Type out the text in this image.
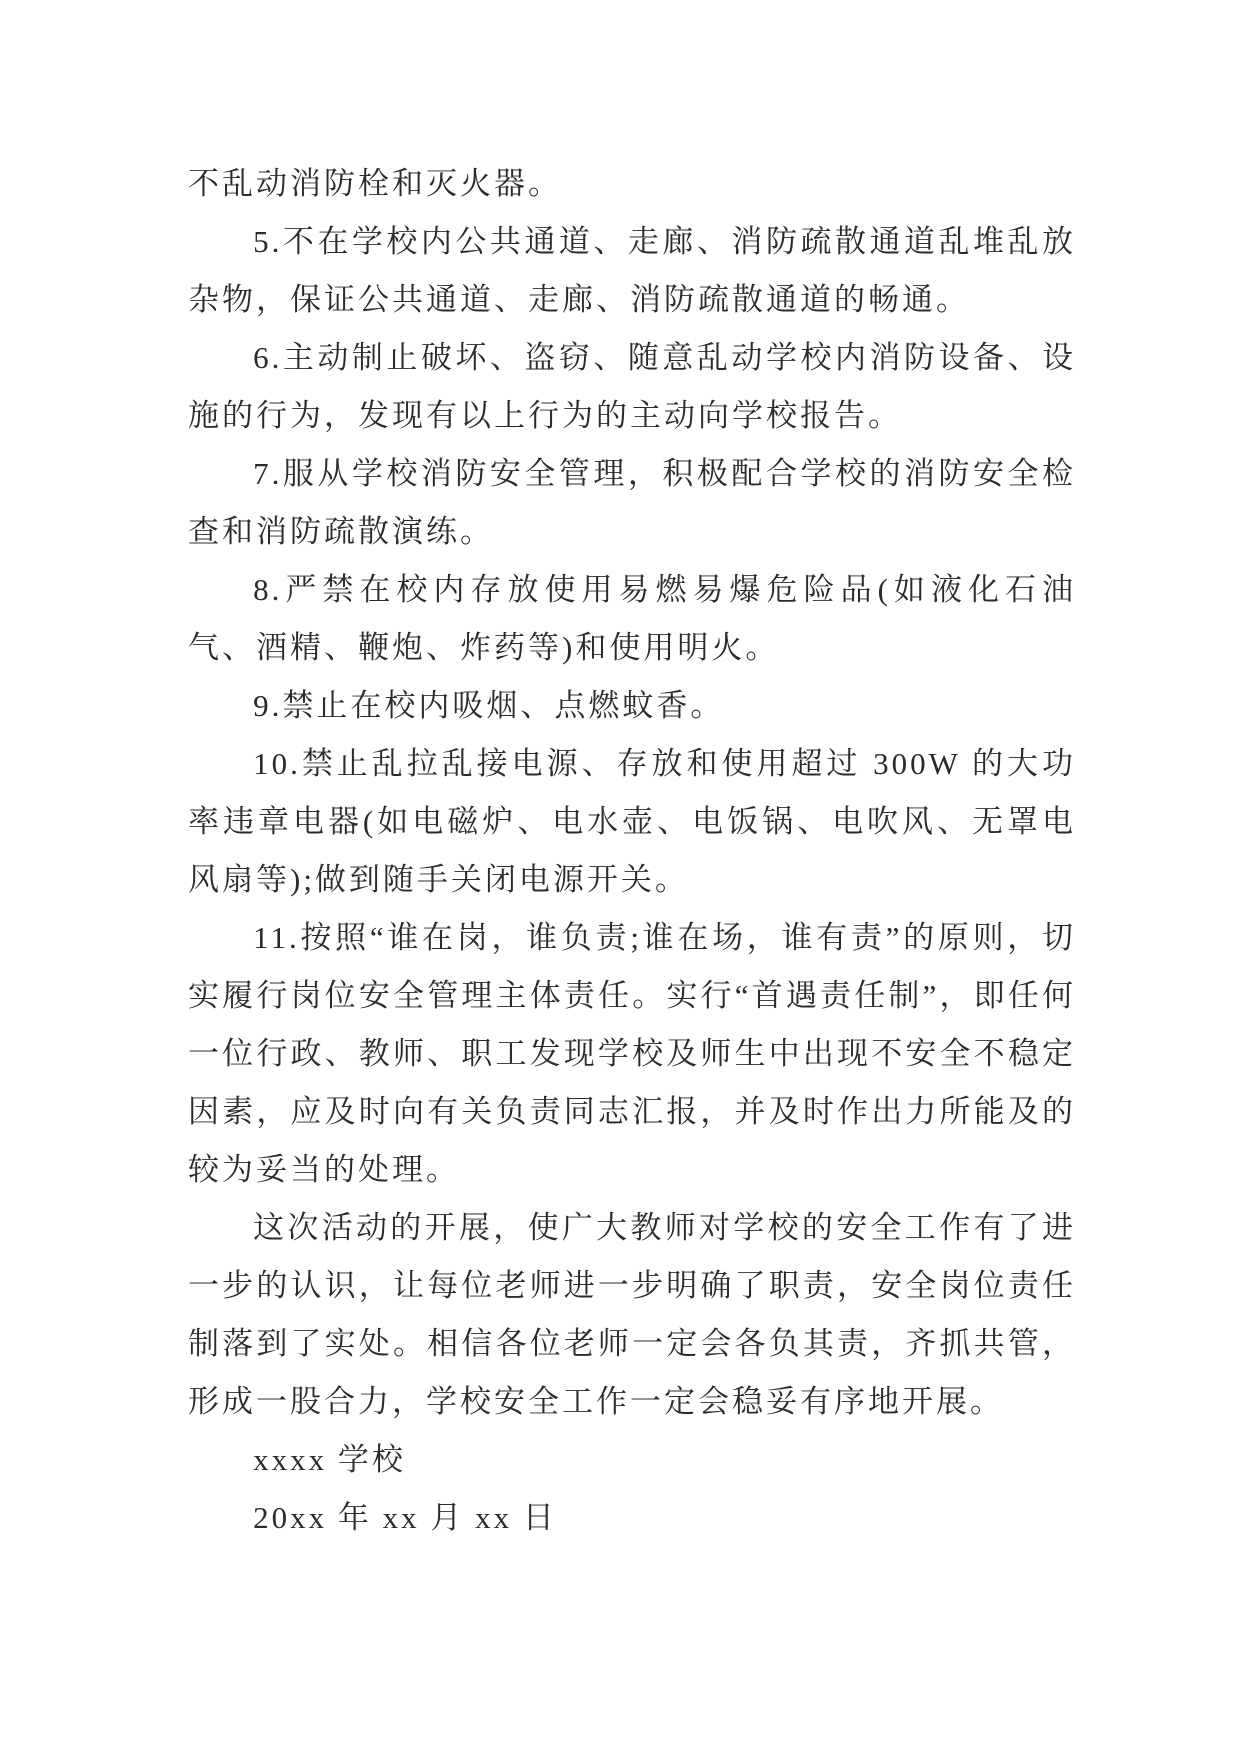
不乱动消防栓和灭火器。

5.不在学校内公共通道、走廊、消防疏散通道乱堆乱放杂物，保证公共通道、走廊、消防疏散通道的畅通。

6.主动制止破坏、盗窃、随意乱动学校内消防设备、设施的行为，发现有以上行为的主动向学校报告。

7.服从学校消防安全管理，积极配合学校的消防安全检查和消防疏散演练。

8.严禁在校内存放使用易燃易爆危险品(如液化石油气、酒精、鞭炮、炸药等)和使用明火。

9.禁止在校内吸烟、点燃蚊香。

10.禁止乱拉乱接电源、存放和使用超过 300W 的大功率违章电器(如电磁炉、电水壶、电饭锅、电吹风、无罩电风扇等);做到随手关闭电源开关。

11.按照“谁在岗，谁负责;谁在场，谁有责”的原则，切实履行岗位安全管理主体责任。实行“首遇责任制”，即任何一位行政、教师、职工发现学校及师生中出现不安全不稳定因素，应及时向有关负责同志汇报，并及时作出力所能及的较为妥当的处理。

这次活动的开展，使广大教师对学校的安全工作有了进一步的认识，让每位老师进一步明确了职责，安全岗位责任制落到了实处。相信各位老师一定会各负其责，齐抓共管，形成一股合力，学校安全工作一定会稳妥有序地开展。

xxxx 学校

20xx 年 xx 月 xx 日
